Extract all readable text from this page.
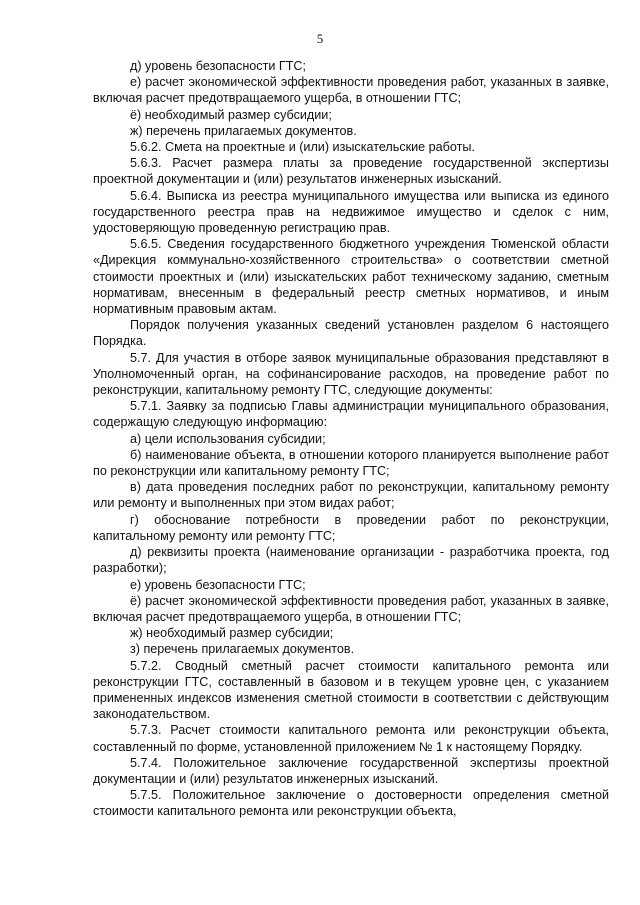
5

д) уровень безопасности ГТС;

е) расчет экономической эффективности проведения работ, указанных в заявке, включая расчет предотвращаемого ущерба, в отношении ГТС;

ё) необходимый размер субсидии;

ж) перечень прилагаемых документов.

5.6.2. Смета на проектные и (или) изыскательские работы.

5.6.3. Расчет размера платы за проведение государственной экспертизы проектной документации и (или) результатов инженерных изысканий.

5.6.4. Выписка из реестра муниципального имущества или выписка из единого государственного реестра прав на недвижимое имущество и сделок с ним, удостоверяющую проведенную регистрацию прав.

5.6.5. Сведения государственного бюджетного учреждения Тюменской области «Дирекция коммунально-хозяйственного строительства» о соответствии сметной стоимости проектных и (или) изыскательских работ техническому заданию, сметным нормативам, внесенным в федеральный реестр сметных нормативов, и иным нормативным правовым актам.

Порядок получения указанных сведений установлен разделом 6 настоящего Порядка.

5.7. Для участия в отборе заявок муниципальные образования представляют в Уполномоченный орган, на софинансирование расходов, на проведение работ по реконструкции, капитальному ремонту ГТС, следующие документы:

5.7.1. Заявку за подписью Главы администрации муниципального образования, содержащую следующую информацию:

а) цели использования субсидии;

б) наименование объекта, в отношении которого планируется выполнение работ по реконструкции или капитальному ремонту ГТС;

в) дата проведения последних работ по реконструкции, капитальному ремонту или ремонту и выполненных при этом видах работ;

г) обоснование потребности в проведении работ по реконструкции, капитальному ремонту или ремонту ГТС;

д) реквизиты проекта (наименование организации - разработчика проекта, год разработки);

е) уровень безопасности ГТС;

ё) расчет экономической эффективности проведения работ, указанных в заявке, включая расчет предотвращаемого ущерба, в отношении ГТС;

ж) необходимый размер субсидии;

з) перечень прилагаемых документов.

5.7.2. Сводный сметный расчет стоимости капитального ремонта или реконструкции ГТС, составленный в базовом и в текущем уровне цен, с указанием примененных индексов изменения сметной стоимости в соответствии с действующим законодательством.

5.7.3. Расчет стоимости капитального ремонта или реконструкции объекта, составленный по форме, установленной приложением № 1 к настоящему Порядку.

5.7.4. Положительное заключение государственной экспертизы проектной документации и (или) результатов инженерных изысканий.

5.7.5. Положительное заключение о достоверности определения сметной стоимости капитального ремонта или реконструкции объекта,
